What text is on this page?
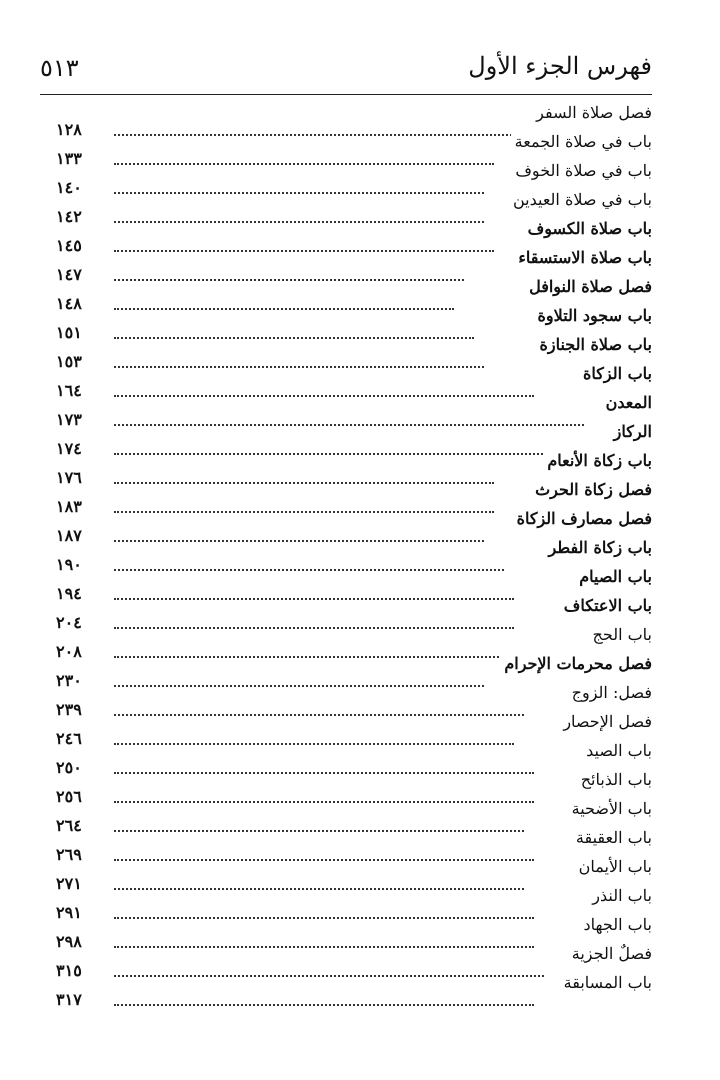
فهرس الجزء الأول
٥١٣
فصل صلاة السفر
١٢٨
باب في صلاة الجمعة
١٣٣
باب في صلاة الخوف
١٤٠
باب في صلاة العيدين
١٤٢
باب صلاة الكسوف
١٤٥
باب صلاة الاستسقاء
١٤٧
فصل صلاة النوافل
١٤٨
باب سجود التلاوة
١٥١
باب صلاة الجنازة
١٥٣
باب الزكاة
١٦٤
المعدن
١٧٣
الركاز
١٧٤
باب زكاة الأنعام
١٧٦
فصل زكاة الحرث
١٨٣
فصل مصارف الزكاة
١٨٧
باب زكاة الفطر
١٩٠
باب الصيام
١٩٤
باب الاعتكاف
٢٠٤
باب الحج
٢٠٨
فصل محرمات الإحرام
٢٣٠
فصل: الزوج
٢٣٩
فصل الإحصار
٢٤٦
باب الصيد
٢٥٠
باب الذبائح
٢٥٦
باب الأضحية
٢٦٤
باب العقيقة
٢٦٩
باب الأيمان
٢٧١
باب النذر
٢٩١
باب الجهاد
٢٩٨
فصلٌ الجزية
٣١٥
باب المسابقة
٣١٧
